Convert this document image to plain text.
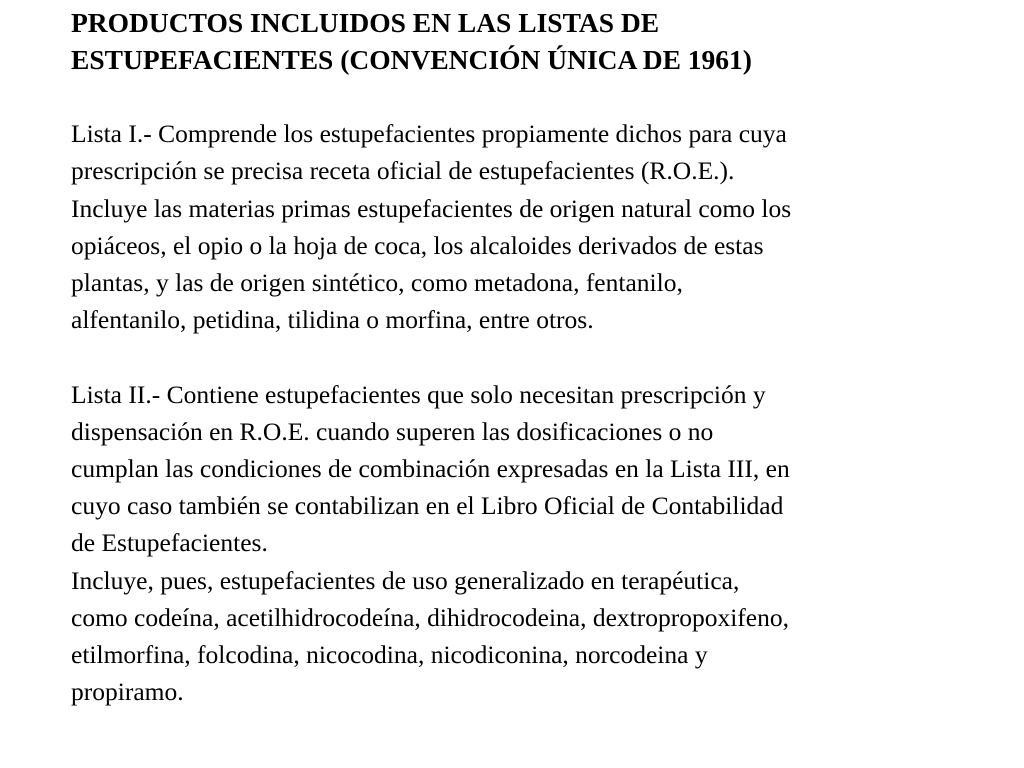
PRODUCTOS INCLUIDOS EN LAS LISTAS DE
ESTUPEFACIENTES (CONVENCIÓN ÚNICA DE 1961)

Lista I.- Comprende los estupefacientes propiamente dichos para cuya
prescripción se precisa receta oficial de estupefacientes (R.O.E.).
Incluye las materias primas estupefacientes de origen natural como los
opiáceos, el opio o la hoja de coca, los alcaloides derivados de estas
plantas, y las de origen sintético, como metadona, fentanilo,
alfentanilo, petidina, tilidina o morfina, entre otros.

Lista II.- Contiene estupefacientes que solo necesitan prescripción y
dispensación en R.O.E. cuando superen las dosificaciones o no
cumplan las condiciones de combinación expresadas en la Lista III, en
cuyo caso también se contabilizan en el Libro Oficial de Contabilidad
de Estupefacientes.
Incluye, pues, estupefacientes de uso generalizado en terapéutica,
como codeína, acetilhidrocodeína, dihidrocodeina, dextropropoxifeno,
etilmorfina, folcodina, nicocodina, nicodiconina, norcodeina y
propiramo.
